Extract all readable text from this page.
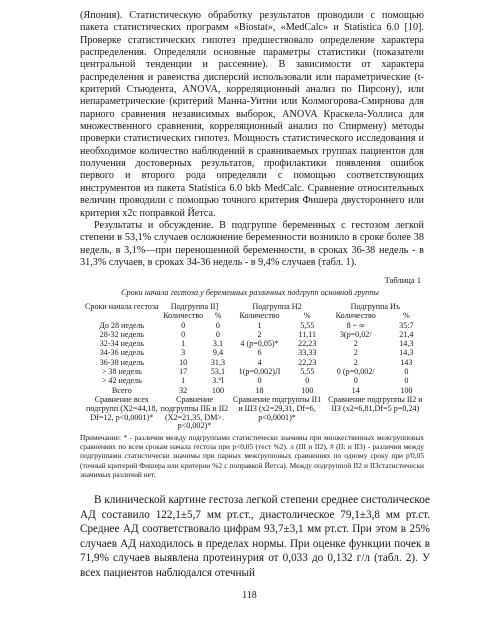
(Япония). Статистическую обработку результатов проводили с помощью пакета статистических программ «Biostat», «MedCalc» и Statistica 6.0 [10]. Проверке статистических гипотез предшествовало определение характера распределения. Определяли основные параметры статистики (показатели центральной тенденции и рассеяние). В зависимости от характера распределения и равенства дисперсий использовали или параметрические (t-критерий Стьюдента, ANOVA, корреляционный анализ по Пирсону), или непараметрические (критерий Манна-Уитни или Колмогорова-Смирнова для парного сравнения независимых выборок, ANOVA Краскела-Уоллиса для множественного сравнения, корреляционный анализ по Спирмену) методы проверки статистических гипотез. Мощность статистического исследования и необходимое количество наблюдений в сравниваемых группах пациентов для получения достоверных результатов, профилактики появления ошибок первого и второго рода определяли с помощью соответствующих инструментов из пакета Statistica 6.0 bkb MedCalc. Сравнение относительных величин проводили с помощью точного критерия Фишера двустороннего или критерия х2с поправкой Йетса.
Результаты и обсуждение. В подгруппе беременных с гестозом легкой степени в 53,1% случаев осложнение беременности возникло в сроке более 38 недель, в 3,1%—при переношенной беременности, в сроках 36-38 недель - в 31,3% случаев, в сроках 34-36 недель - в 9,4% случаев (табл. 1).
Таблица 1
Сроки начала гестоза у беременных различных подгрупп основной группы
Сроки начала гестоза	Подгруппа ІІ]		Подгруппа Н2		Подгруппа Иъ	
	Количество	%	Количество	%	Количество	%
До 28 недель	0	0	1	5,55	8 ~ ∞	35:7
28-32 недель	0	0	2	11,11	3(р=0,02/	21,4
32-34 недель	1	3,1	4 (р=0,05)*	22,23	2	14,3
34-36 недель	3	9,4	6	33,33	2	14,3
36-38 недель	10	31,3	4	22,23	2	14З
> 38 недель	17	53,1	1(р=0,002)Л	5,55	0 (р=0,002/	0
> 42 недель	1	3.°l	0	0	0	0
Всего	32	100	18	100	14	100
Сравнение всех подгрупп (X2=44,18, Df=12, р<0,0001)*	Сравнение подгруппы ІІБ и ІІ2 (X2=21,35, DМ>. р<0,002)*		Сравнение подгруппы ІІ1 и ШЗ (х2=29,31, Df=6, р<0,0001)*		Сравнение подгруппы ІІ2 и ІІЗ (х2=6,81,Df=5 р=0,24)	
Примечание: * - различия между подгруппами статистически значимы при множественных межгрупповых сравнениях по всем срокам начала гестоза при р<0,05 (тест %2). л (ІІІ и ІІ2), # (ІІ: и ІІЗ) - различия между подгруппами статистически значимы при парных межгрупповых сравнениях по одному сроку при р'0,05 (точный критерий Фишера или критерии %2 с поправкой Йетса). Между подгруппой ІІ2 и ІІЗстатистически значимых различий нет.
В клинической картине гестоза легкой степени среднее систолическое АД составило 122,1±5,7 мм рт.ст., диастолическое 79,1±3,8 мм рт.ст. Среднее АД соответствовало цифрам 93,7±3,1 мм рт.ст. При этом в 25% случаев АД находилось в пределах нормы. При оценке функции почек в 71,9% случаев выявлена протеинурия от 0,033 до 0,132 г/л (табл. 2). У всех пациентов наблюдался отечный
118
